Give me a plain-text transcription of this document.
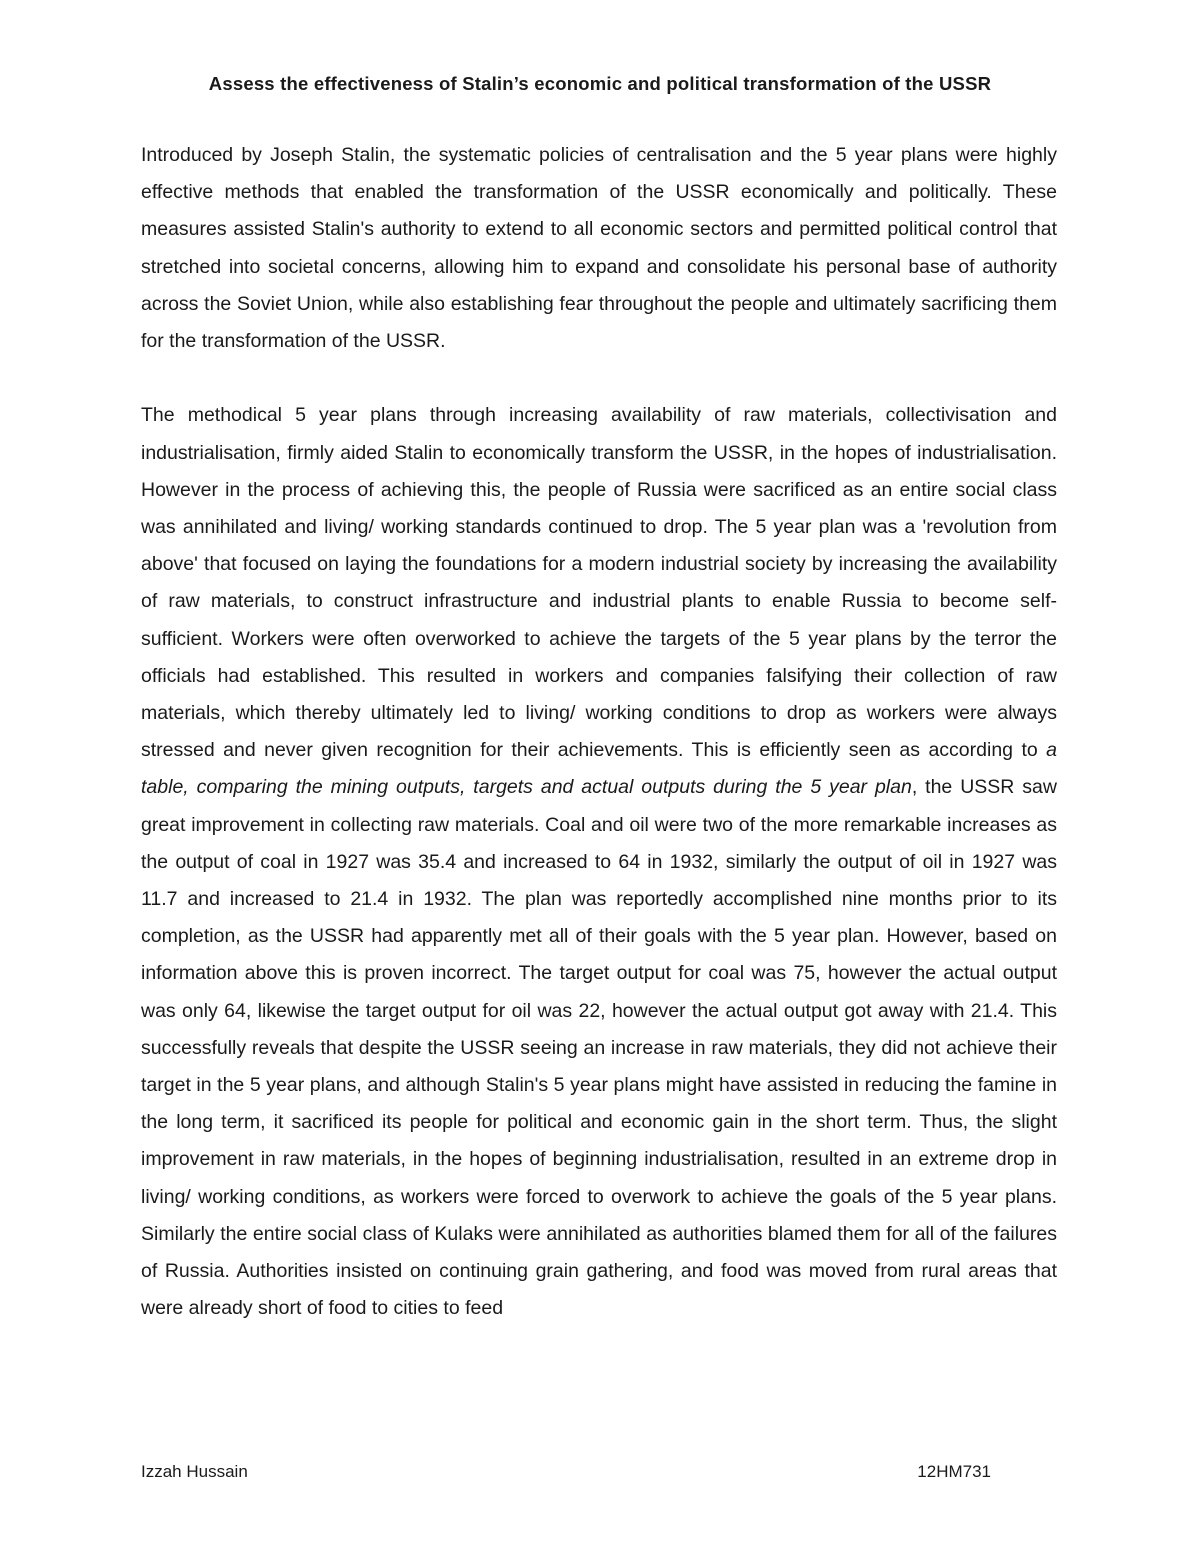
Assess the effectiveness of Stalin’s economic and political transformation of the USSR

Introduced by Joseph Stalin, the systematic policies of centralisation and the 5 year plans were highly effective methods that enabled the transformation of the USSR economically and politically. These measures assisted Stalin's authority to extend to all economic sectors and permitted political control that stretched into societal concerns, allowing him to expand and consolidate his personal base of authority across the Soviet Union, while also establishing fear throughout the people and ultimately sacrificing them for the transformation of the USSR.

The methodical 5 year plans through increasing availability of raw materials, collectivisation and industrialisation, firmly aided Stalin to economically transform the USSR, in the hopes of industrialisation. However in the process of achieving this, the people of Russia were sacrificed as an entire social class was annihilated and living/ working standards continued to drop. The 5 year plan was a 'revolution from above' that focused on laying the foundations for a modern industrial society by increasing the availability of raw materials, to construct infrastructure and industrial plants to enable Russia to become self-sufficient. Workers were often overworked to achieve the targets of the 5 year plans by the terror the officials had established. This resulted in workers and companies falsifying their collection of raw materials, which thereby ultimately led to living/ working conditions to drop as workers were always stressed and never given recognition for their achievements. This is efficiently seen as according to a table, comparing the mining outputs, targets and actual outputs during the 5 year plan, the USSR saw great improvement in collecting raw materials. Coal and oil were two of the more remarkable increases as the output of coal in 1927 was 35.4 and increased to 64 in 1932, similarly the output of oil in 1927 was 11.7 and increased to 21.4 in 1932. The plan was reportedly accomplished nine months prior to its completion, as the USSR had apparently met all of their goals with the 5 year plan. However, based on information above this is proven incorrect. The target output for coal was 75, however the actual output was only 64, likewise the target output for oil was 22, however the actual output got away with 21.4. This successfully reveals that despite the USSR seeing an increase in raw materials, they did not achieve their target in the 5 year plans, and although Stalin's 5 year plans might have assisted in reducing the famine in the long term, it sacrificed its people for political and economic gain in the short term. Thus, the slight improvement in raw materials, in the hopes of beginning industrialisation, resulted in an extreme drop in living/ working conditions, as workers were forced to overwork to achieve the goals of the 5 year plans. Similarly the entire social class of Kulaks were annihilated as authorities blamed them for all of the failures of Russia. Authorities insisted on continuing grain gathering, and food was moved from rural areas that were already short of food to cities to feed

Izzah Hussain	12HM731
